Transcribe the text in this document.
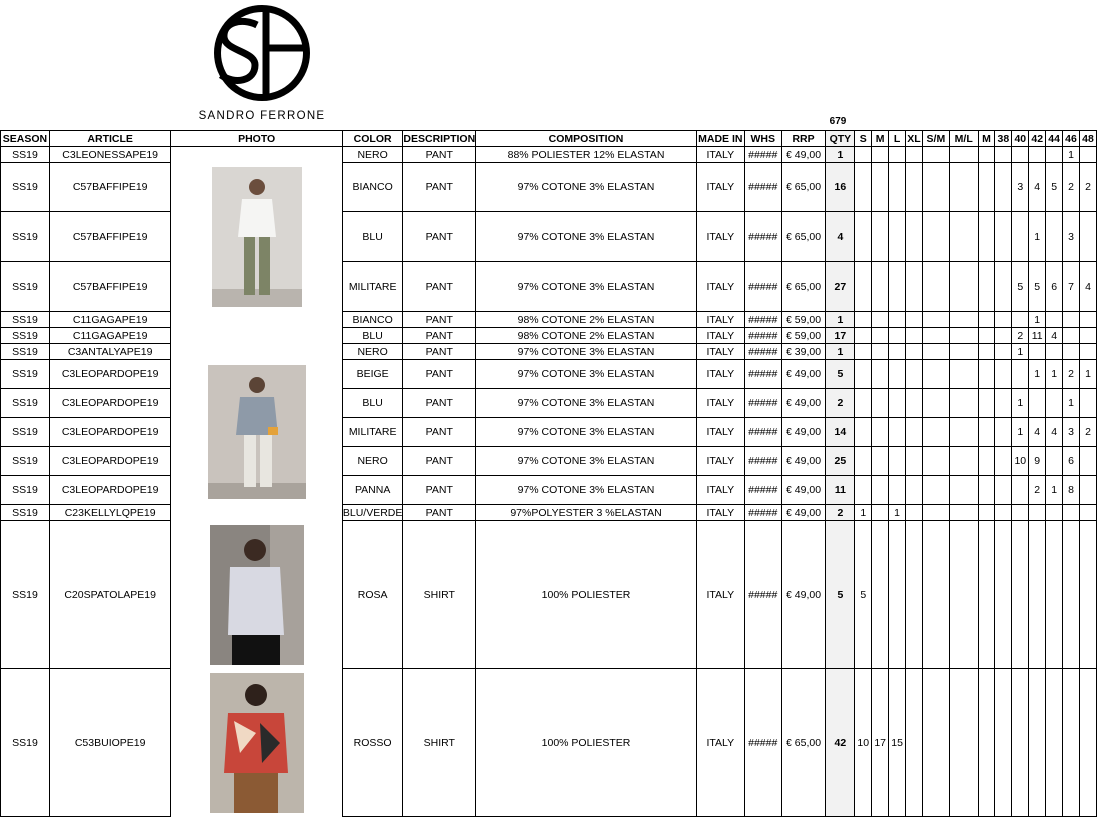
SANDRO FERRONE	679
SEASON	ARTICLE	PHOTO	COLOR	DESCRIPTION	COMPOSITION	MADE IN	WHS	RRP	QTY	S	M	L	XL	S/M	M/L	M	38	40	42	44	46	48
SS19	C3LEONESSAPE19		NERO	PANT	88% POLIESTER 12% ELASTAN	ITALY	#####	€ 49,00	1												1	
SS19	C57BAFFIPE19		BIANCO	PANT	97% COTONE 3% ELASTAN	ITALY	#####	€ 65,00	16									3	4	5	2	2
SS19	C57BAFFIPE19		BLU	PANT	97% COTONE 3% ELASTAN	ITALY	#####	€ 65,00	4										1		3	
SS19	C57BAFFIPE19		MILITARE	PANT	97% COTONE 3% ELASTAN	ITALY	#####	€ 65,00	27									5	5	6	7	4
SS19	C11GAGAPE19		BIANCO	PANT	98% COTONE 2% ELASTAN	ITALY	#####	€ 59,00	1										1			
SS19	C11GAGAPE19		BLU	PANT	98% COTONE 2% ELASTAN	ITALY	#####	€ 59,00	17									2	11	4		
SS19	C3ANTALYAPE19		NERO	PANT	97% COTONE 3% ELASTAN	ITALY	#####	€ 39,00	1									1				
SS19	C3LEOPARDOPE19		BEIGE	PANT	97% COTONE 3% ELASTAN	ITALY	#####	€ 49,00	5										1	1	2	1
SS19	C3LEOPARDOPE19		BLU	PANT	97% COTONE 3% ELASTAN	ITALY	#####	€ 49,00	2									1			1	
SS19	C3LEOPARDOPE19		MILITARE	PANT	97% COTONE 3% ELASTAN	ITALY	#####	€ 49,00	14									1	4	4	3	2
SS19	C3LEOPARDOPE19		NERO	PANT	97% COTONE 3% ELASTAN	ITALY	#####	€ 49,00	25									10	9		6	
SS19	C3LEOPARDOPE19		PANNA	PANT	97% COTONE 3% ELASTAN	ITALY	#####	€ 49,00	11										2	1	8	
SS19	C23KELLYLQPE19		BLU/VERDE	PANT	97%POLYESTER 3 %ELASTAN	ITALY	#####	€ 49,00	2	1		1										
SS19	C20SPATOLAPE19		ROSA	SHIRT	100% POLIESTER	ITALY	#####	€ 49,00	5	5												
SS19	C53BUIOPE19		ROSSO	SHIRT	100% POLIESTER	ITALY	#####	€ 65,00	42	10	17	15										
